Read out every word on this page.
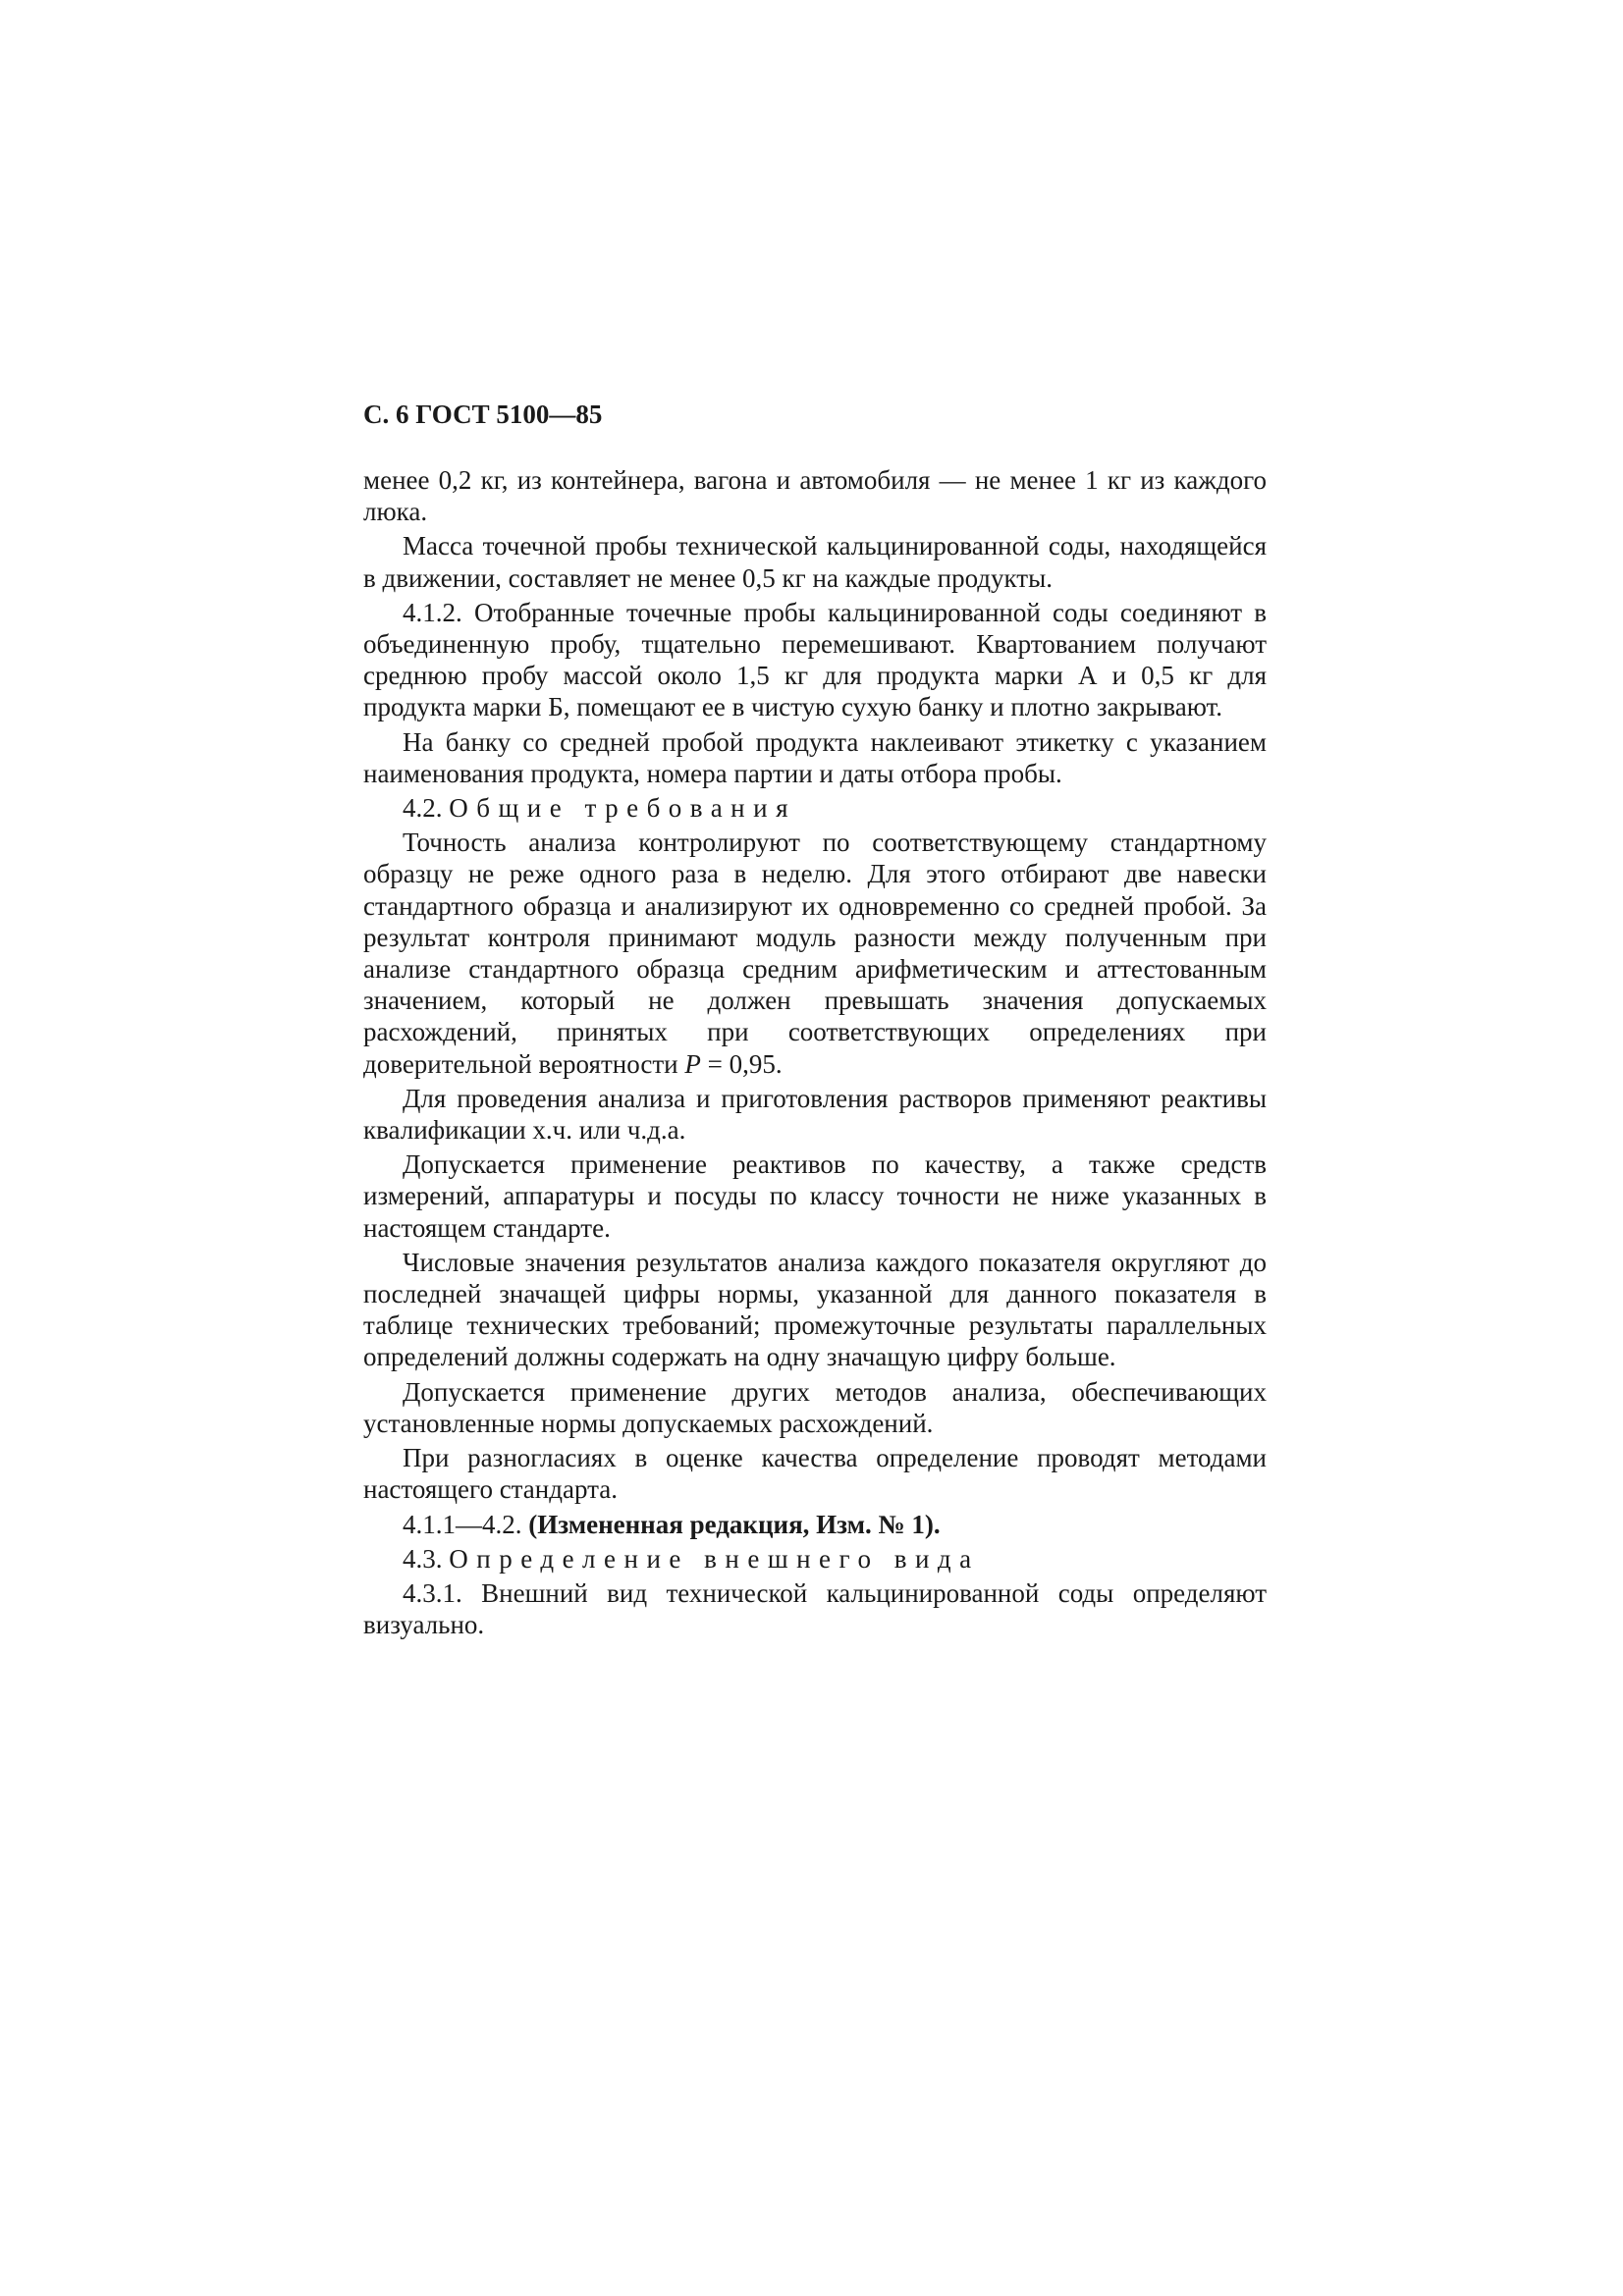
С. 6 ГОСТ 5100—85

менее 0,2 кг, из контейнера, вагона и автомобиля — не менее 1 кг из каждого люка.

Масса точечной пробы технической кальцинированной соды, находящейся в движении, составляет не менее 0,5 кг на каждые продукты.

4.1.2. Отобранные точечные пробы кальцинированной соды соединяют в объединенную пробу, тщательно перемешивают. Квартованием получают среднюю пробу массой около 1,5 кг для продукта марки А и 0,5 кг для продукта марки Б, помещают ее в чистую сухую банку и плотно закрывают.

На банку со средней пробой продукта наклеивают этикетку с указанием наименования продукта, номера партии и даты отбора пробы.

4.2. Общие требования

Точность анализа контролируют по соответствующему стандартному образцу не реже одного раза в неделю. Для этого отбирают две навески стандартного образца и анализируют их одновременно со средней пробой. За результат контроля принимают модуль разности между полученным при анализе стандартного образца средним арифметическим и аттестованным значением, который не должен превышать значения допускаемых расхождений, принятых при соответствующих определениях при доверительной вероятности P = 0,95.

Для проведения анализа и приготовления растворов применяют реактивы квалификации х.ч. или ч.д.а.

Допускается применение реактивов по качеству, а также средств измерений, аппаратуры и посуды по классу точности не ниже указанных в настоящем стандарте.

Числовые значения результатов анализа каждого показателя округляют до последней значащей цифры нормы, указанной для данного показателя в таблице технических требований; промежуточные результаты параллельных определений должны содержать на одну значащую цифру больше.

Допускается применение других методов анализа, обеспечивающих установленные нормы допускаемых расхождений.

При разногласиях в оценке качества определение проводят методами настоящего стандарта.

4.1.1—4.2. (Измененная редакция, Изм. № 1).

4.3. Определение внешнего вида

4.3.1. Внешний вид технической кальцинированной соды определяют визуально.
